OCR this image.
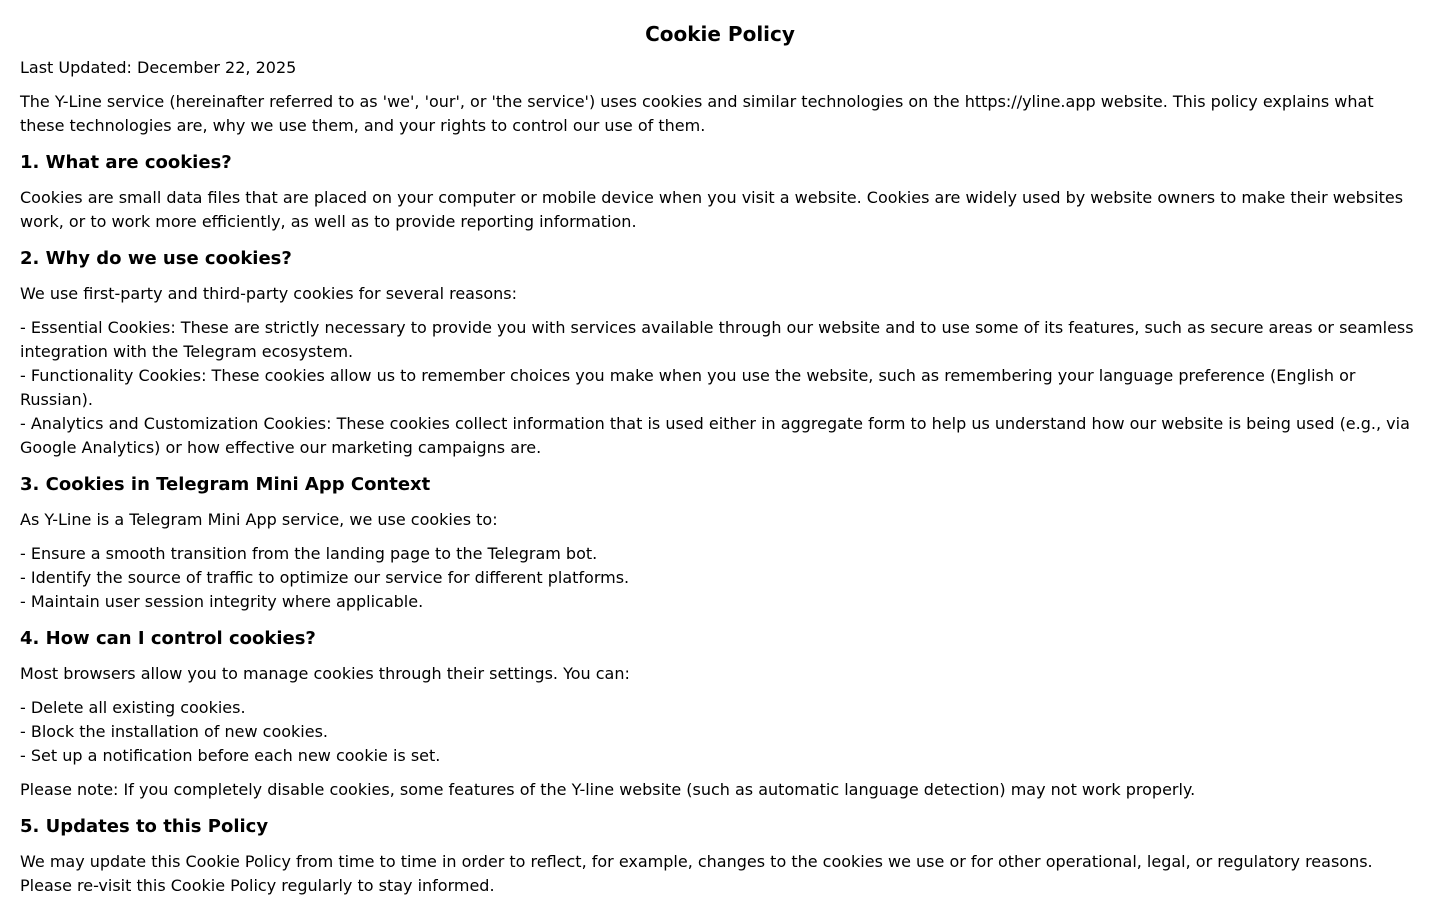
Cookie Policy

Last Updated: December 22, 2025

The Y-Line service (hereinafter referred to as 'we', 'our', or 'the service') uses cookies and similar technologies on the https://yline.app website. This policy explains what these technologies are, why we use them, and your rights to control our use of them.

1. What are cookies?

Cookies are small data files that are placed on your computer or mobile device when you visit a website. Cookies are widely used by website owners to make their websites work, or to work more efficiently, as well as to provide reporting information.

2. Why do we use cookies?

We use first-party and third-party cookies for several reasons:

- Essential Cookies: These are strictly necessary to provide you with services available through our website and to use some of its features, such as secure areas or seamless integration with the Telegram ecosystem.
- Functionality Cookies: These cookies allow us to remember choices you make when you use the website, such as remembering your language preference (English or Russian).
- Analytics and Customization Cookies: These cookies collect information that is used either in aggregate form to help us understand how our website is being used (e.g., via Google Analytics) or how effective our marketing campaigns are.
3. Cookies in Telegram Mini App Context

As Y-Line is a Telegram Mini App service, we use cookies to:

- Ensure a smooth transition from the landing page to the Telegram bot.
- Identify the source of traffic to optimize our service for different platforms.
- Maintain user session integrity where applicable.
4. How can I control cookies?

Most browsers allow you to manage cookies through their settings. You can:

- Delete all existing cookies.
- Block the installation of new cookies.
- Set up a notification before each new cookie is set.

Please note: If you completely disable cookies, some features of the Y-line website (such as automatic language detection) may not work properly.

5. Updates to this Policy

We may update this Cookie Policy from time to time in order to reflect, for example, changes to the cookies we use or for other operational, legal, or regulatory reasons. Please re-visit this Cookie Policy regularly to stay informed.
